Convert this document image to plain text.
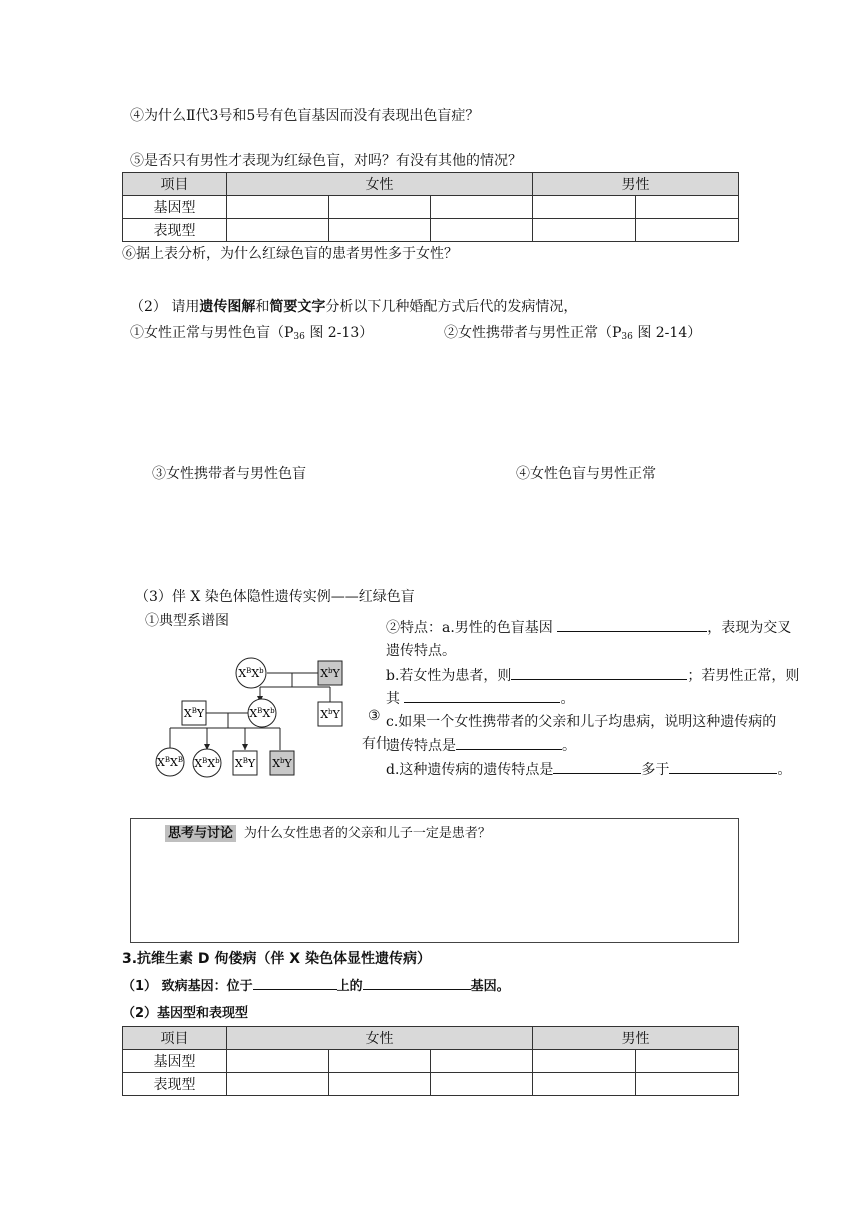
④为什么Ⅱ代3号和5号有色盲基因而没有表现出色盲症？
⑤是否只有男性才表现为红绿色盲，对吗？有没有其他的情况？
项目	女性			男性	
基因型					
表现型					
⑥据上表分析，为什么红绿色盲的患者男性多于女性？
（2） 请用遗传图解和简要文字分析以下几种婚配方式后代的发病情况，
①女性正常与男性色盲（$P_{36}$ 图 2-13）	②女性携带者与男性正常（$P_{36}$ 图 2-14）
③女性携带者与男性色盲	④女性色盲与男性正常
（3）伴 X 染色体隐性遗传实例——红绿色盲
①典型系谱图
$X^BX^b$	$X^bY$
$X^BY$	$X^BX^b$	$X^bY$
$X^BX^B$ $X^BX^b$ $X^BY$ $X^bY$
③
有什
②特点：a.男性的色盲基因	，表现为交叉
遗传特点。
b.若女性为患者，则	；若男性正常，则
其	。
c.如果一个女性携带者的父亲和儿子均患病，说明这种遗传病的
遗传特点是	。
d.这种遗传病的遗传特点是	多于	。
思考与讨论 为什么女性患者的父亲和儿子一定是患者？
3.抗维生素 D 佝偻病（伴 X 染色体显性遗传病）
（1） 致病基因：位于	上的	基因。
（2）基因型和表现型
项目	女性			男性	
基因型					
表现型					
